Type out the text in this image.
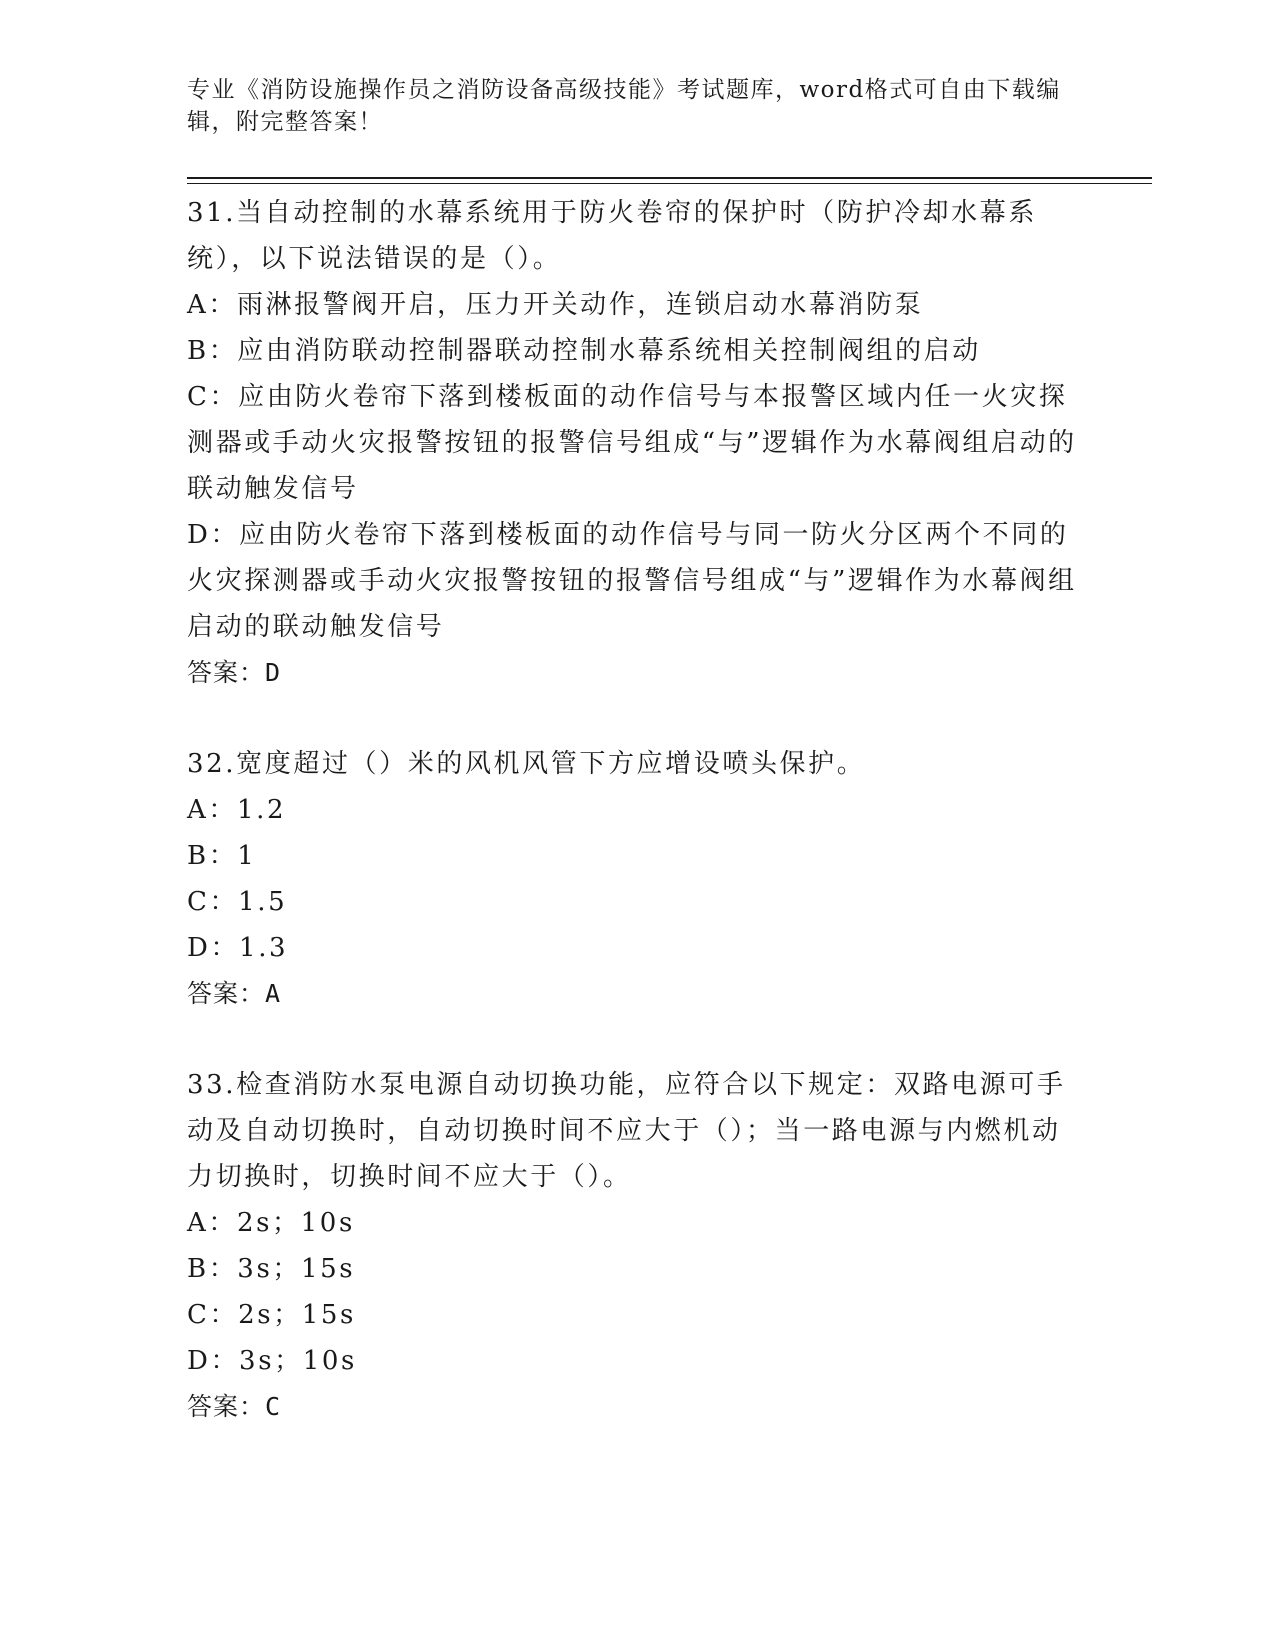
专业《消防设施操作员之消防设备高级技能》考试题库，word格式可自由下载编辑，附完整答案！

31.当自动控制的水幕系统用于防火卷帘的保护时（防护冷却水幕系统），以下说法错误的是（）。

A：雨淋报警阀开启，压力开关动作，连锁启动水幕消防泵

B：应由消防联动控制器联动控制水幕系统相关控制阀组的启动

C：应由防火卷帘下落到楼板面的动作信号与本报警区域内任一火灾探测器或手动火灾报警按钮的报警信号组成“与”逻辑作为水幕阀组启动的联动触发信号

D：应由防火卷帘下落到楼板面的动作信号与同一防火分区两个不同的火灾探测器或手动火灾报警按钮的报警信号组成“与”逻辑作为水幕阀组启动的联动触发信号

答案：D

32.宽度超过（）米的风机风管下方应增设喷头保护。

A：1.2

B：1

C：1.5

D：1.3

答案：A

33.检查消防水泵电源自动切换功能，应符合以下规定：双路电源可手动及自动切换时，自动切换时间不应大于（）；当一路电源与内燃机动力切换时，切换时间不应大于（）。

A：2s；10s

B：3s；15s

C：2s；15s

D：3s；10s

答案：C
